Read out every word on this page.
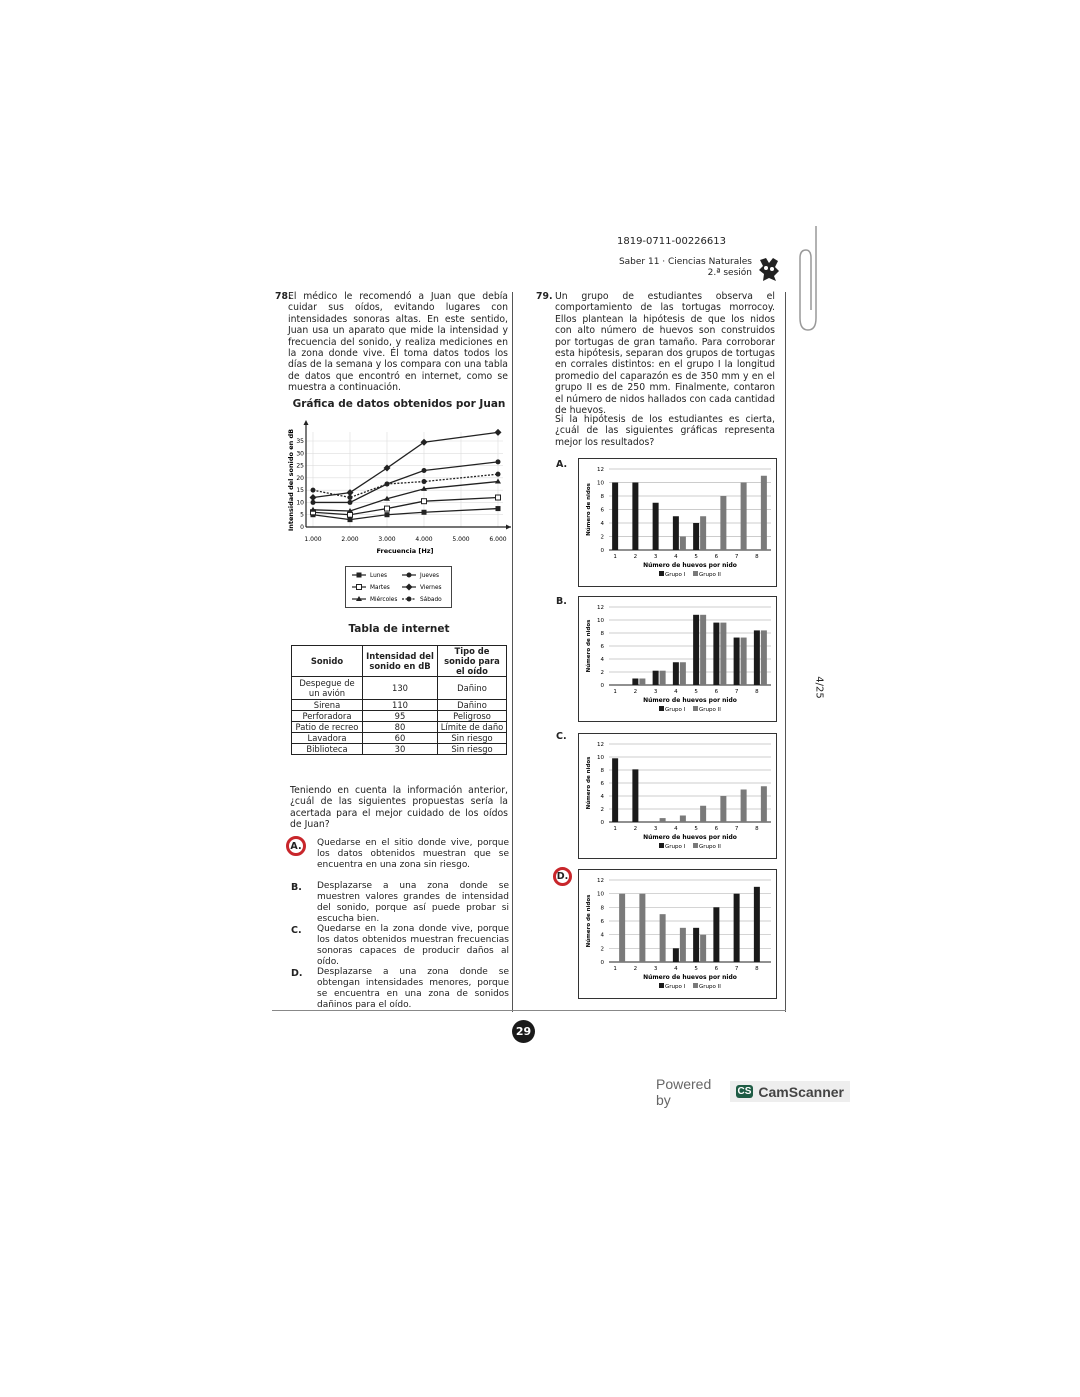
1819-0711-00226613
Saber 11 · Ciencias Naturales
2.ª sesión
78.
El médico le recomendó a Juan que debía cuidar sus oídos, evitando lugares con intensidades sonoras altas. En este sentido, Juan usa un aparato que mide la intensidad y frecuencia del sonido, y realiza mediciones en la zona donde vive. Él toma datos todos los días de la semana y los compara con una tabla de datos que encontró en internet, como se muestra a continuación.
Gráfica de datos obtenidos por Juan
1.000	2.000	3.000	4.000	5.000	6.000
0
5
10
15
20
25
30
35
Frecuencia [Hz]
Intensidad del sonido en dB
Lunes	Jueves
Martes	Viernes
Miércoles	Sábado
Tabla de internet
Sonido	Intensidad del sonido en dB	Tipo de sonido para el oído
Despegue de un avión	130	Dañino
Sirena	110	Dañino
Perforadora	95	Peligroso
Patio de recreo	80	Límite de daño
Lavadora	60	Sin riesgo
Biblioteca	30	Sin riesgo
Teniendo en cuenta la información anterior, ¿cuál de las siguientes propuestas sería la acertada para el mejor cuidado de los oídos de Juan?
A.	Quedarse en el sitio donde vive, porque los datos obtenidos muestran que se encuentra en una zona sin riesgo.
B. Desplazarse a una zona donde se muestren valores grandes de intensidad del sonido, porque así puede probar si escucha bien.
C. Quedarse en la zona donde vive, porque los datos obtenidos muestran frecuencias sonoras capaces de producir daños al oído.
D. Desplazarse a una zona donde se obtengan intensidades menores, porque se encuentra en una zona de sonidos dañinos para el oído.
79. Un grupo de estudiantes observa el comportamiento de las tortugas morrocoy. Ellos plantean la hipótesis de que los nidos con alto número de huevos son construidos por tortugas de gran tamaño. Para corroborar esta hipótesis, separan dos grupos de tortugas en corrales distintos: en el grupo I la longitud promedio del caparazón es de 350 mm y en el grupo II es de 250 mm. Finalmente, contaron el número de nidos hallados con cada cantidad de huevos.
Si la hipótesis de los estudiantes es cierta, ¿cuál de las siguientes gráficas representa mejor los resultados?
A.
0
2
4
6
8
10
12
1	2	3	4	5	6	7	8
Número de huevos por nido
Número de nidos
Grupo I	Grupo II
B.
0
2
4
6
8
10
12
1	2	3	4	5	6	7	8
Número de huevos por nido
Número de nidos
Grupo I	Grupo II
C.
0
2
4
6
8
10
12
1	2	3	4	5	6	7	8
Número de huevos por nido
Número de nidos
Grupo I	Grupo II
D.
0
2
4
6
8
10
12
1	2	3	4	5	6	7	8
Número de huevos por nido
Número de nidos
Grupo I	Grupo II
29
4/25
Powered by	CS CamScanner
